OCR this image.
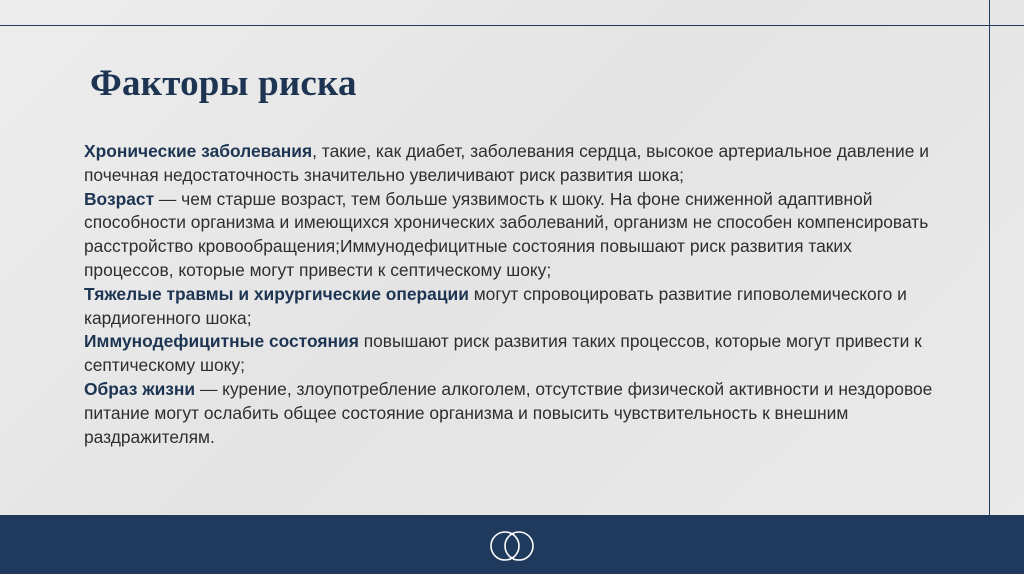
Факторы риска

Хронические заболевания, такие, как диабет, заболевания сердца, высокое артериальное давление и почечная недостаточность значительно увеличивают риск развития шока;

Возраст — чем старше возраст, тем больше уязвимость к шоку. На фоне сниженной адаптивной способности организма и имеющихся хронических заболеваний, организм не способен компенсировать расстройство кровообращения;Иммунодефицитные состояния повышают риск развития таких процессов, которые могут привести к септическому шоку;

Тяжелые травмы и хирургические операции могут спровоцировать развитие гиповолемического и кардиогенного шока;

Иммунодефицитные состояния повышают риск развития таких процессов, которые могут привести к септическому шоку;

Образ жизни — курение, злоупотребление алкоголем, отсутствие физической активности и нездоровое питание могут ослабить общее состояние организма и повысить чувствительность к внешним раздражителям.
